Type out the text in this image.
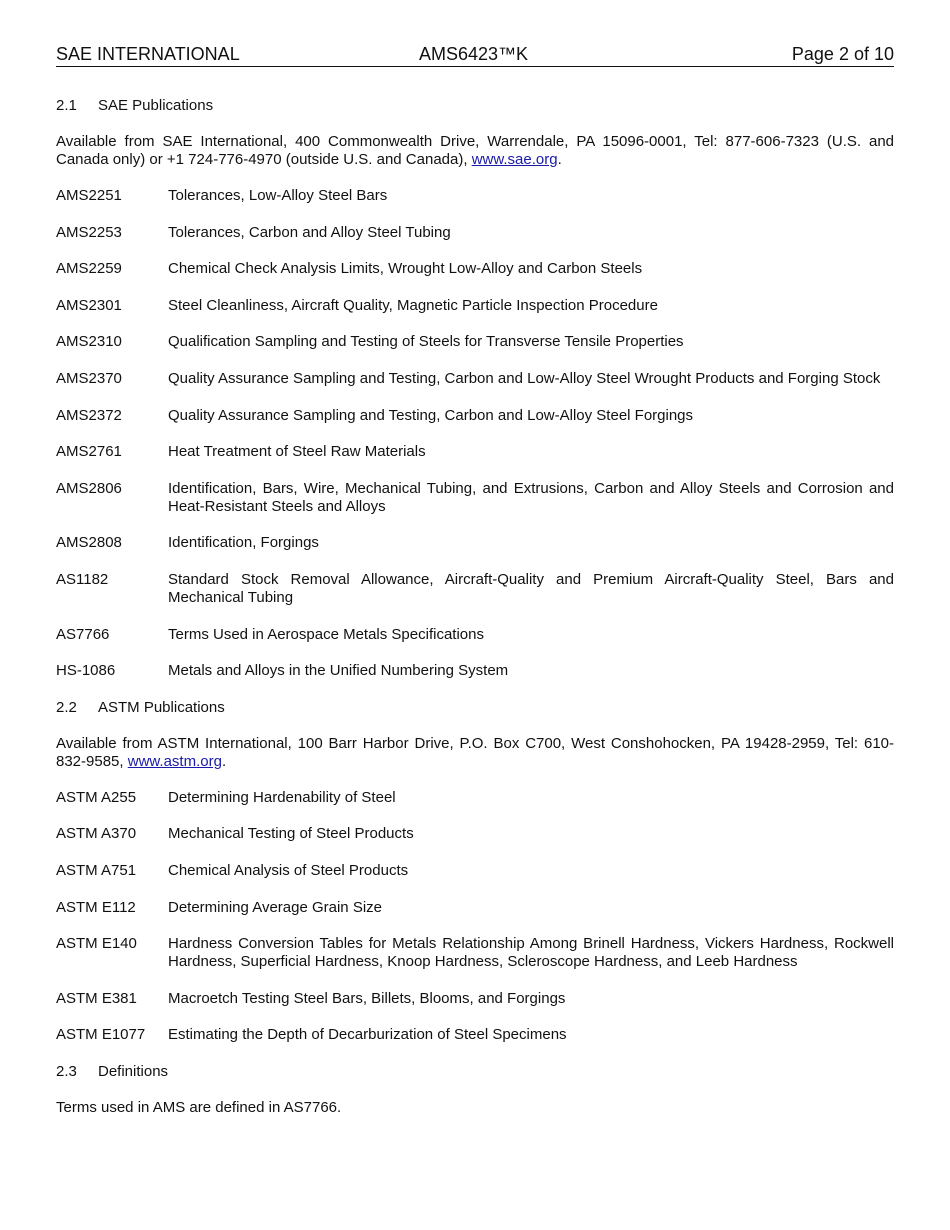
SAE INTERNATIONAL	AMS6423™K	Page 2 of 10
2.1	SAE Publications

Available from SAE International, 400 Commonwealth Drive, Warrendale, PA 15096-0001, Tel: 877-606-7323 (U.S. and Canada only) or +1 724-776-4970 (outside U.S. and Canada), www.sae.org.

AMS2251	Tolerances, Low-Alloy Steel Bars
AMS2253	Tolerances, Carbon and Alloy Steel Tubing
AMS2259	Chemical Check Analysis Limits, Wrought Low-Alloy and Carbon Steels
AMS2301	Steel Cleanliness, Aircraft Quality, Magnetic Particle Inspection Procedure
AMS2310	Qualification Sampling and Testing of Steels for Transverse Tensile Properties
AMS2370	Quality Assurance Sampling and Testing, Carbon and Low-Alloy Steel Wrought Products and Forging Stock
AMS2372	Quality Assurance Sampling and Testing, Carbon and Low-Alloy Steel Forgings
AMS2761	Heat Treatment of Steel Raw Materials
AMS2806	Identification, Bars, Wire, Mechanical Tubing, and Extrusions, Carbon and Alloy Steels and Corrosion and Heat-Resistant Steels and Alloys
AMS2808	Identification, Forgings
AS1182	Standard Stock Removal Allowance, Aircraft-Quality and Premium Aircraft-Quality Steel, Bars and Mechanical Tubing
AS7766	Terms Used in Aerospace Metals Specifications
HS-1086	Metals and Alloys in the Unified Numbering System
2.2	ASTM Publications

Available from ASTM International, 100 Barr Harbor Drive, P.O. Box C700, West Conshohocken, PA 19428-2959, Tel: 610-832-9585, www.astm.org.

ASTM A255	Determining Hardenability of Steel
ASTM A370	Mechanical Testing of Steel Products
ASTM A751	Chemical Analysis of Steel Products
ASTM E112	Determining Average Grain Size
ASTM E140	Hardness Conversion Tables for Metals Relationship Among Brinell Hardness, Vickers Hardness, Rockwell Hardness, Superficial Hardness, Knoop Hardness, Scleroscope Hardness, and Leeb Hardness
ASTM E381	Macroetch Testing Steel Bars, Billets, Blooms, and Forgings
ASTM E1077	Estimating the Depth of Decarburization of Steel Specimens
2.3	Definitions

Terms used in AMS are defined in AS7766.
